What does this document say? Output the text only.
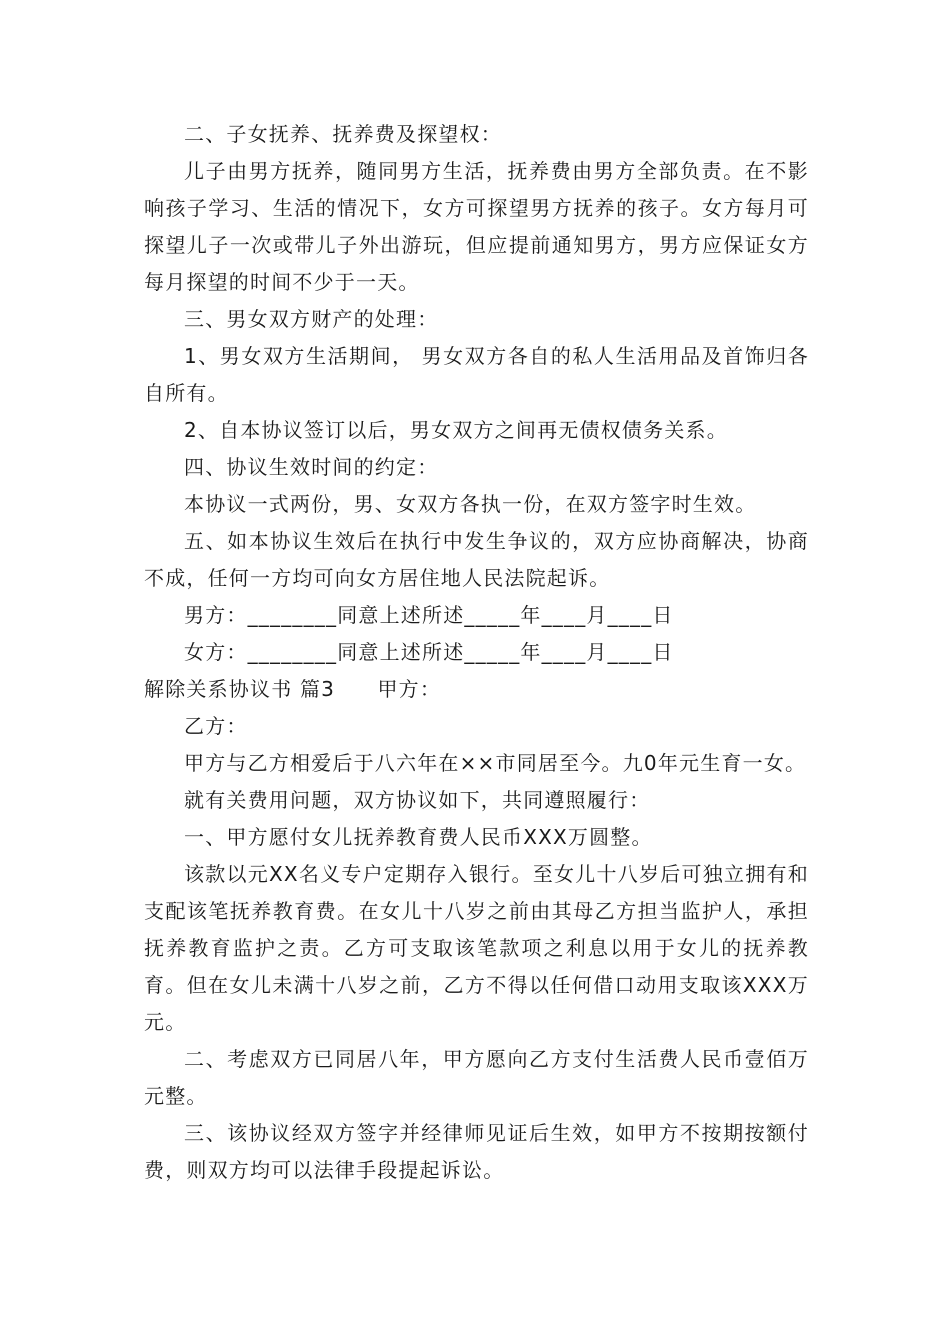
二、子女抚养、抚养费及探望权：

儿子由男方抚养，随同男方生活，抚养费由男方全部负责。在不影响孩子学习、生活的情况下，女方可探望男方抚养的孩子。女方每月可探望儿子一次或带儿子外出游玩，但应提前通知男方，男方应保证女方每月探望的时间不少于一天。

三、男女双方财产的处理：

1、男女双方生活期间， 男女双方各自的私人生活用品及首饰归各自所有。

2、自本协议签订以后，男女双方之间再无债权债务关系。

四、协议生效时间的约定：

本协议一式两份，男、女双方各执一份，在双方签字时生效。

五、如本协议生效后在执行中发生争议的，双方应协商解决，协商不成，任何一方均可向女方居住地人民法院起诉。

男方：________同意上述所述_____年____月____日

女方：________同意上述所述_____年____月____日

解除关系协议书 篇3　　甲方：

乙方：

甲方与乙方相爱后于八六年在××市同居至今。九0年元生育一女。

就有关费用问题，双方协议如下，共同遵照履行：

一、甲方愿付女儿抚养教育费人民币XXX万圆整。

该款以元XX名义专户定期存入银行。至女儿十八岁后可独立拥有和支配该笔抚养教育费。在女儿十八岁之前由其母乙方担当监护人，承担抚养教育监护之责。乙方可支取该笔款项之利息以用于女儿的抚养教育。但在女儿未满十八岁之前，乙方不得以任何借口动用支取该XXX万元。

二、考虑双方已同居八年，甲方愿向乙方支付生活费人民币壹佰万元整。

三、该协议经双方签字并经律师见证后生效，如甲方不按期按额付费，则双方均可以法律手段提起诉讼。
